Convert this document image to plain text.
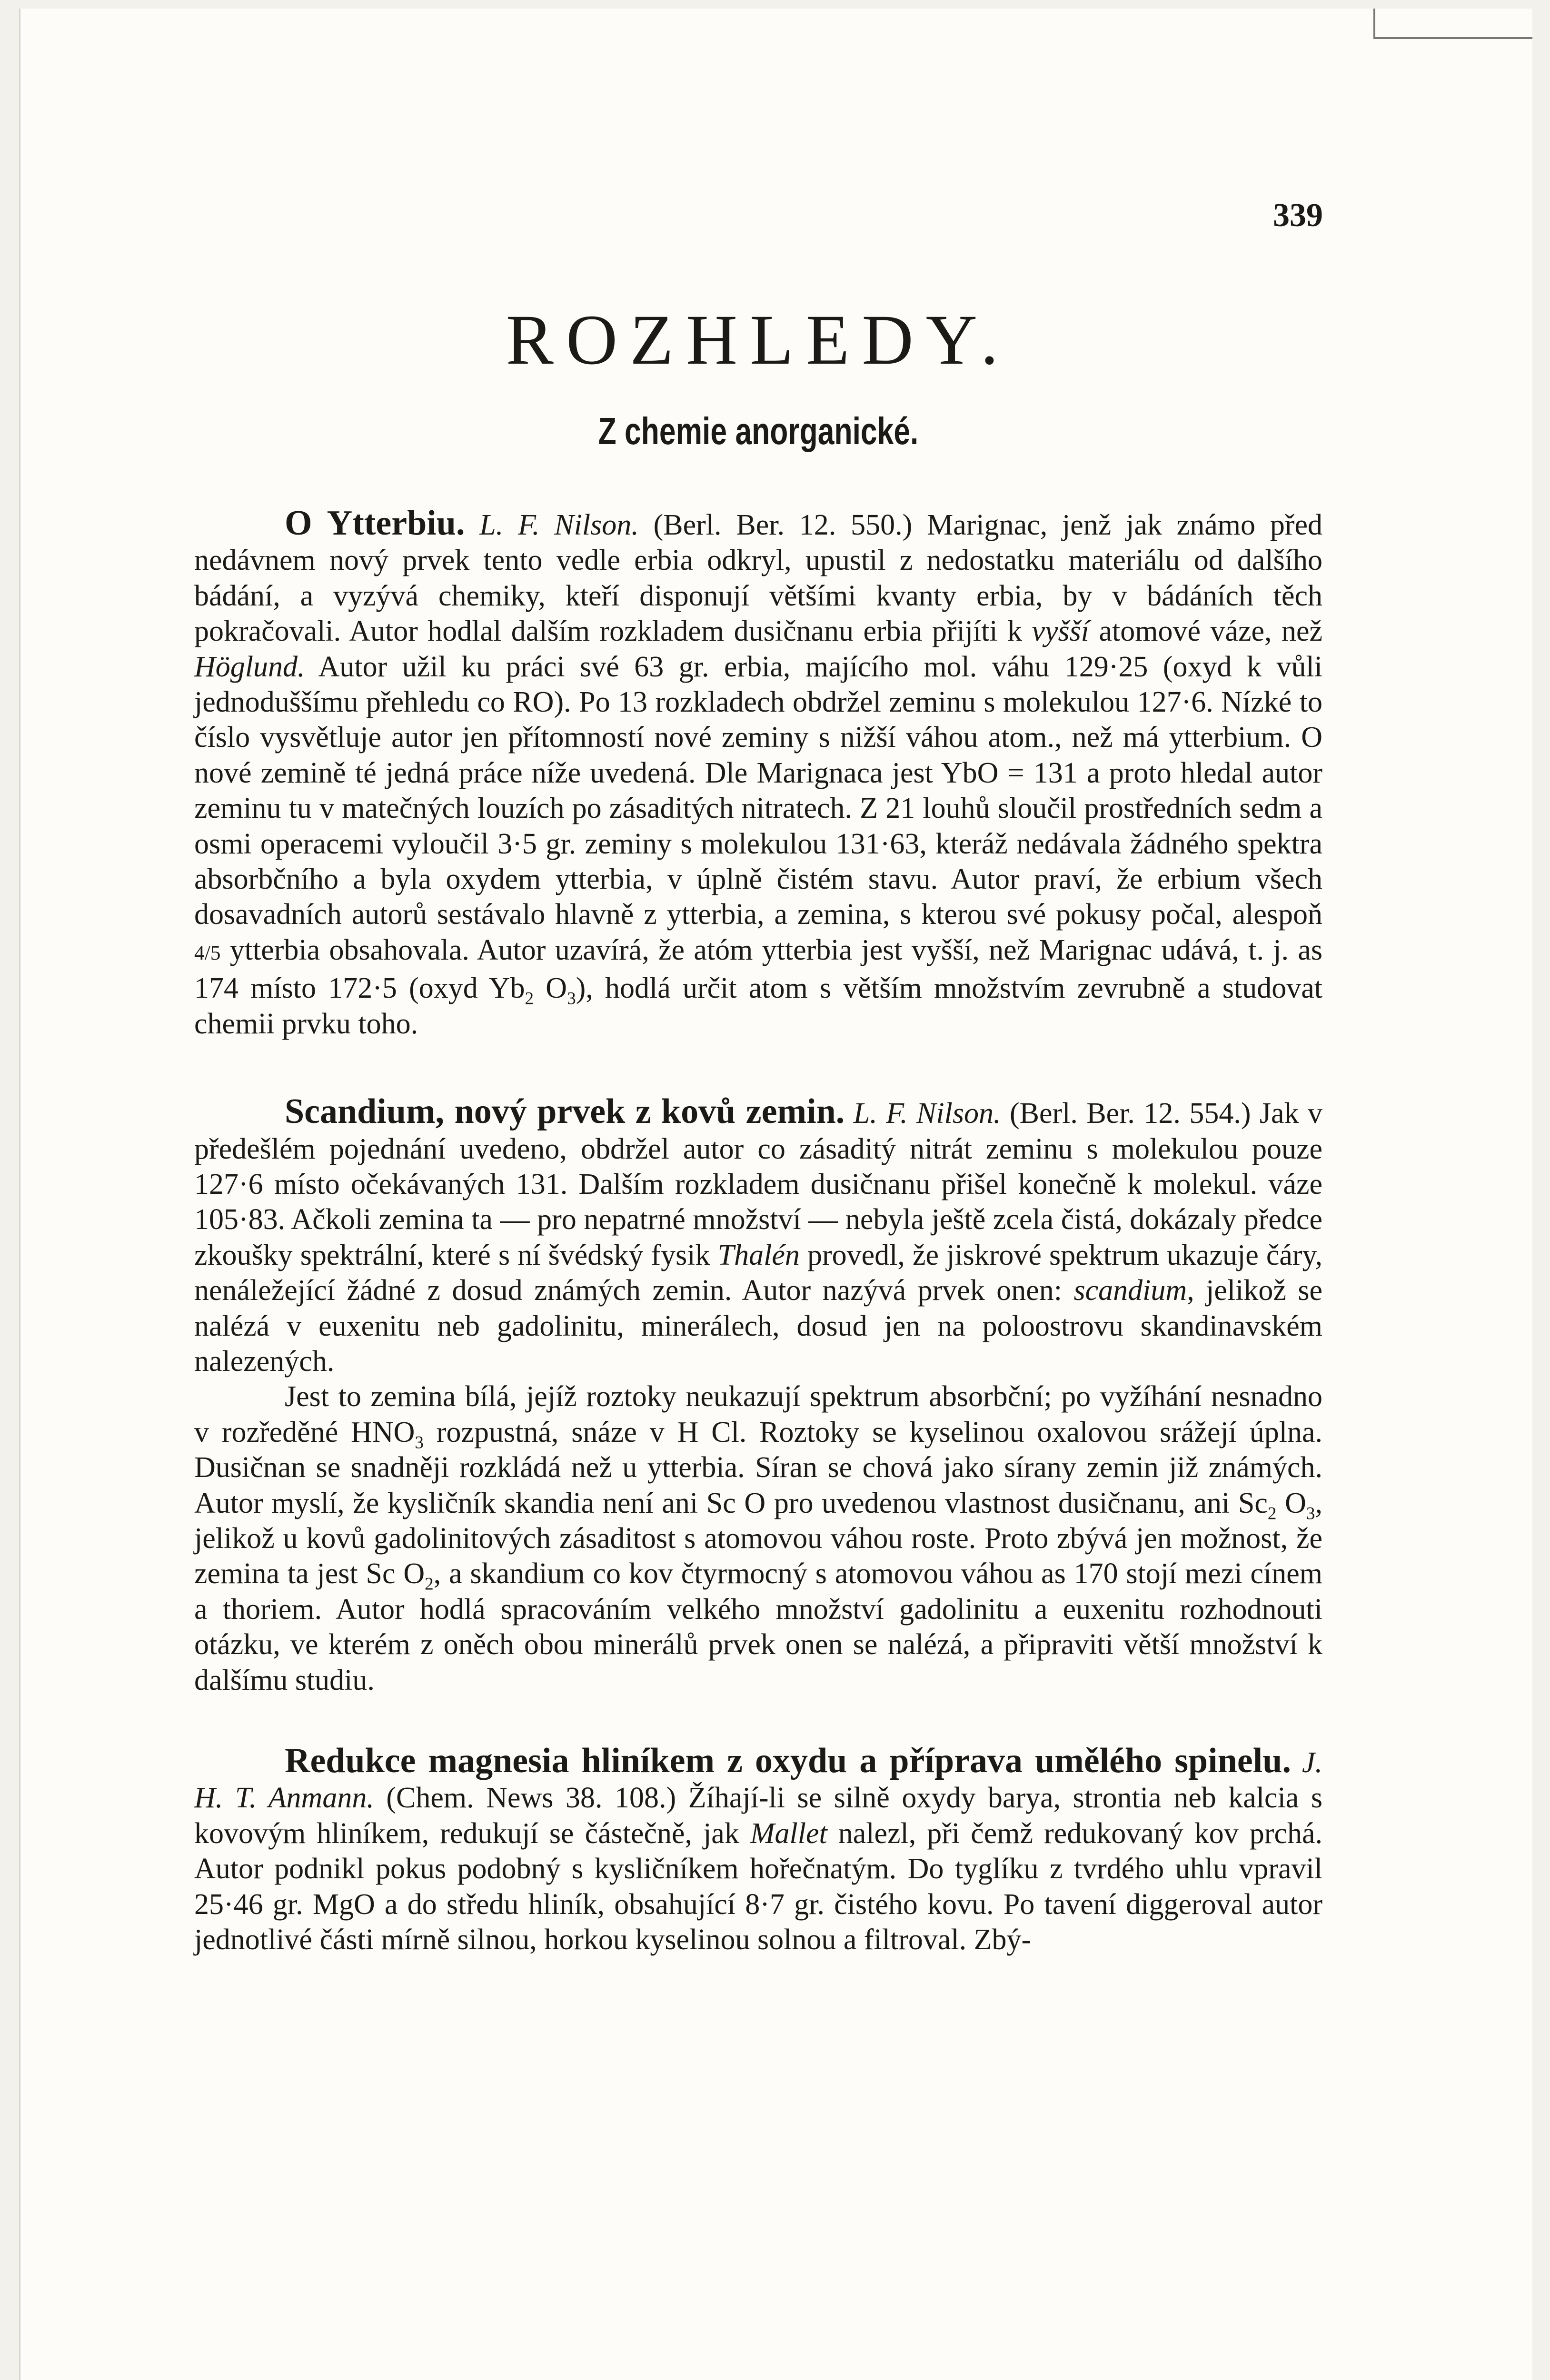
339
ROZHLEDY.
Z chemie anorganické.

O Ytterbiu. L. F. Nilson. (Berl. Ber. 12. 550.) Marignac, jenž jak známo před nedávnem nový prvek tento vedle erbia odkryl, upustil z nedostatku materiálu od dalšího bádání, a vyzývá chemiky, kteří disponují většími kvanty erbia, by v bádáních těch pokračovali. Autor hodlal dalším rozkladem dusičnanu erbia přijíti k vyšší atomové váze, než Höglund. Autor užil ku práci své 63 gr. erbia, majícího mol. váhu 129·25 (oxyd k vůli jednoduššímu přehledu co RO). Po 13 rozkladech obdržel zeminu s molekulou 127·6. Nízké to číslo vysvětluje autor jen přítomností nové zeminy s nižší váhou atom., než má ytterbium. O nové zemině té jedná práce níže uvedená. Dle Marignaca jest YbO = 131 a proto hledal autor zeminu tu v matečných louzích po zásaditých nitratech. Z 21 louhů sloučil prostředních sedm a osmi operacemi vyloučil 3·5 gr. zeminy s molekulou 131·63, kteráž nedávala žádného spektra absorbčního a byla oxydem ytterbia, v úplně čistém stavu. Autor praví, že erbium všech dosavadních autorů sestávalo hlavně z ytterbia, a zemina, s kterou své pokusy počal, alespoň 4/5 ytterbia obsahovala. Autor uzavírá, že atóm ytterbia jest vyšší, než Marignac udává, t. j. as 174 místo 172·5 (oxyd $Yb_2$ $O_3$), hodlá určit atom s větším množstvím zevrubně a studovat chemii prvku toho.

Scandium, nový prvek z kovů zemin. L. F. Nilson. (Berl. Ber. 12. 554.) Jak v předešlém pojednání uvedeno, obdržel autor co zásaditý nitrát zeminu s molekulou pouze 127·6 místo očekávaných 131. Dalším rozkladem dusičnanu přišel konečně k molekul. váze 105·83. Ačkoli zemina ta — pro nepatrné množství — nebyla ještě zcela čistá, dokázaly předce zkoušky spektrální, které s ní švédský fysik Thalén provedl, že jiskrové spektrum ukazuje čáry, nenáležející žádné z dosud známých zemin. Autor nazývá prvek onen: scandium, jelikož se nalézá v euxenitu neb gadolinitu, minerálech, dosud jen na poloostrovu skandinavském nalezených.

Jest to zemina bílá, jejíž roztoky neukazují spektrum absorbční; po vyžíhání nesnadno v rozředěné $HNO_3$ rozpustná, snáze v H Cl. Roztoky se kyselinou oxalovou srážejí úplna. Dusičnan se snadněji rozkládá než u ytterbia. Síran se chová jako sírany zemin již známých. Autor myslí, že kysličník skandia není ani Sc O pro uvedenou vlastnost dusičnanu, ani $Sc_2$ $O_3$, jelikož u kovů gadolinitových zásaditost s atomovou váhou roste. Proto zbývá jen možnost, že zemina ta jest Sc $O_2$, a skandium co kov čtyrmocný s atomovou váhou as 170 stojí mezi cínem a thoriem. Autor hodlá spracováním velkého množství gadolinitu a euxenitu rozhodnouti otázku, ve kterém z oněch obou minerálů prvek onen se nalézá, a připraviti větší množství k dalšímu studiu.

Redukce magnesia hliníkem z oxydu a příprava umělého spinelu. J. H. T. Anmann. (Chem. News 38. 108.) Žíhají-li se silně oxydy barya, strontia neb kalcia s kovovým hliníkem, redukují se částečně, jak Mallet nalezl, při čemž redukovaný kov prchá. Autor podnikl pokus podobný s kysličníkem hořečnatým. Do tyglíku z tvrdého uhlu vpravil 25·46 gr. MgO a do středu hliník, obsahující 8·7 gr. čistého kovu. Po tavení diggeroval autor jednotlivé části mírně silnou, horkou kyselinou solnou a filtroval. Zbý-
